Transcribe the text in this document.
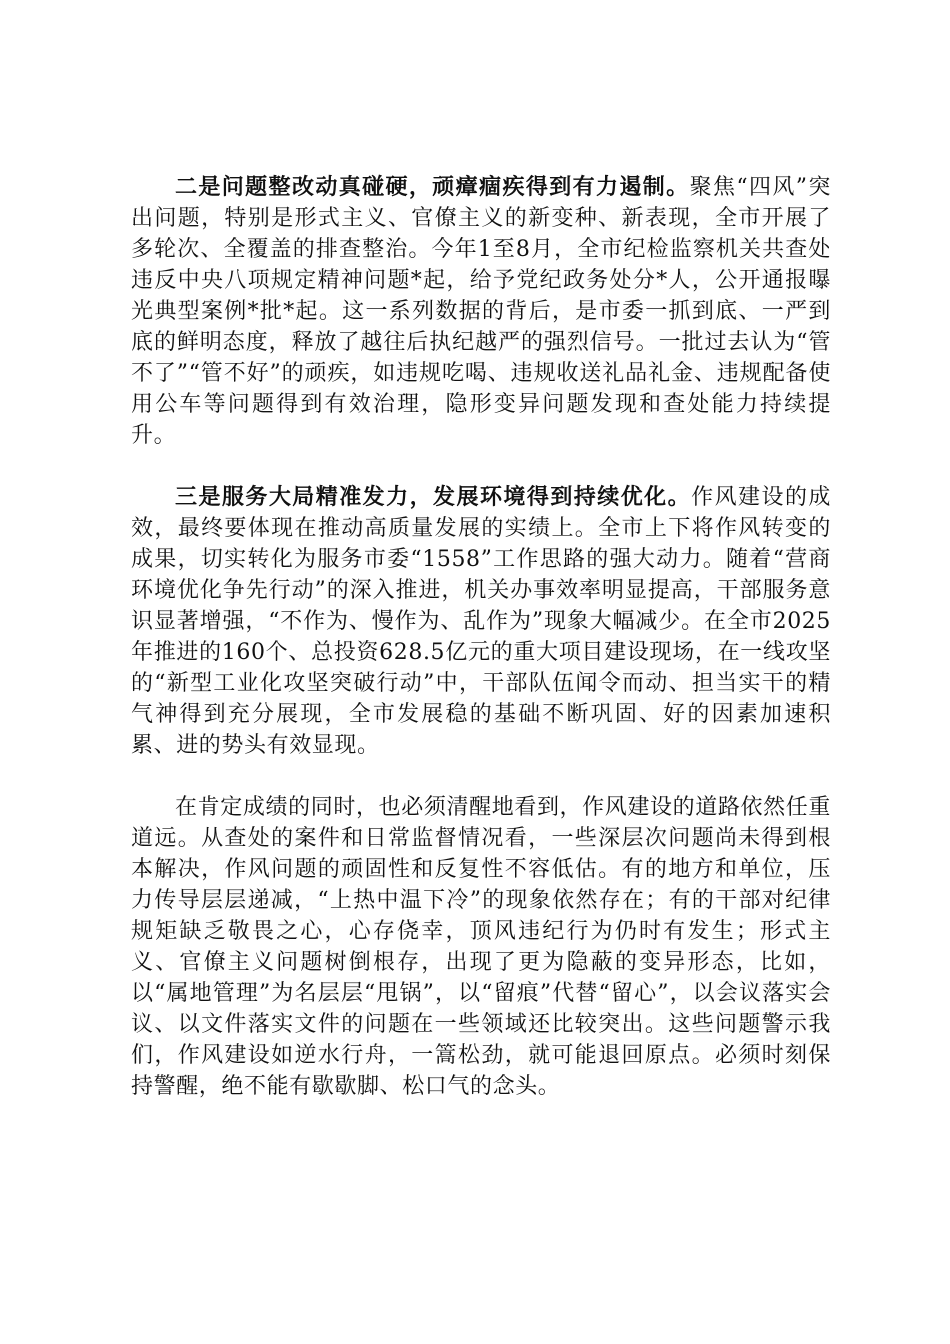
二是问题整改动真碰硬，顽瘴痼疾得到有力遏制。聚焦“四风”突出问题，特别是形式主义、官僚主义的新变种、新表现，全市开展了多轮次、全覆盖的排查整治。今年1至8月，全市纪检监察机关共查处违反中央八项规定精神问题*起，给予党纪政务处分*人，公开通报曝光典型案例*批*起。这一系列数据的背后，是市委一抓到底、一严到底的鲜明态度，释放了越往后执纪越严的强烈信号。一批过去认为“管不了”“管不好”的顽疾，如违规吃喝、违规收送礼品礼金、违规配备使用公车等问题得到有效治理，隐形变异问题发现和查处能力持续提升。

三是服务大局精准发力，发展环境得到持续优化。作风建设的成效，最终要体现在推动高质量发展的实绩上。全市上下将作风转变的成果，切实转化为服务市委“1558”工作思路的强大动力。随着“营商环境优化争先行动”的深入推进，机关办事效率明显提高，干部服务意识显著增强，“不作为、慢作为、乱作为”现象大幅减少。在全市2025年推进的160个、总投资628.5亿元的重大项目建设现场，在一线攻坚的“新型工业化攻坚突破行动”中，干部队伍闻令而动、担当实干的精气神得到充分展现，全市发展稳的基础不断巩固、好的因素加速积累、进的势头有效显现。

在肯定成绩的同时，也必须清醒地看到，作风建设的道路依然任重道远。从查处的案件和日常监督情况看，一些深层次问题尚未得到根本解决，作风问题的顽固性和反复性不容低估。有的地方和单位，压力传导层层递减，“上热中温下冷”的现象依然存在；有的干部对纪律规矩缺乏敬畏之心，心存侥幸，顶风违纪行为仍时有发生；形式主义、官僚主义问题树倒根存，出现了更为隐蔽的变异形态，比如，以“属地管理”为名层层“甩锅”，以“留痕”代替“留心”，以会议落实会议、以文件落实文件的问题在一些领域还比较突出。这些问题警示我们，作风建设如逆水行舟，一篙松劲，就可能退回原点。必须时刻保持警醒，绝不能有歇歇脚、松口气的念头。
